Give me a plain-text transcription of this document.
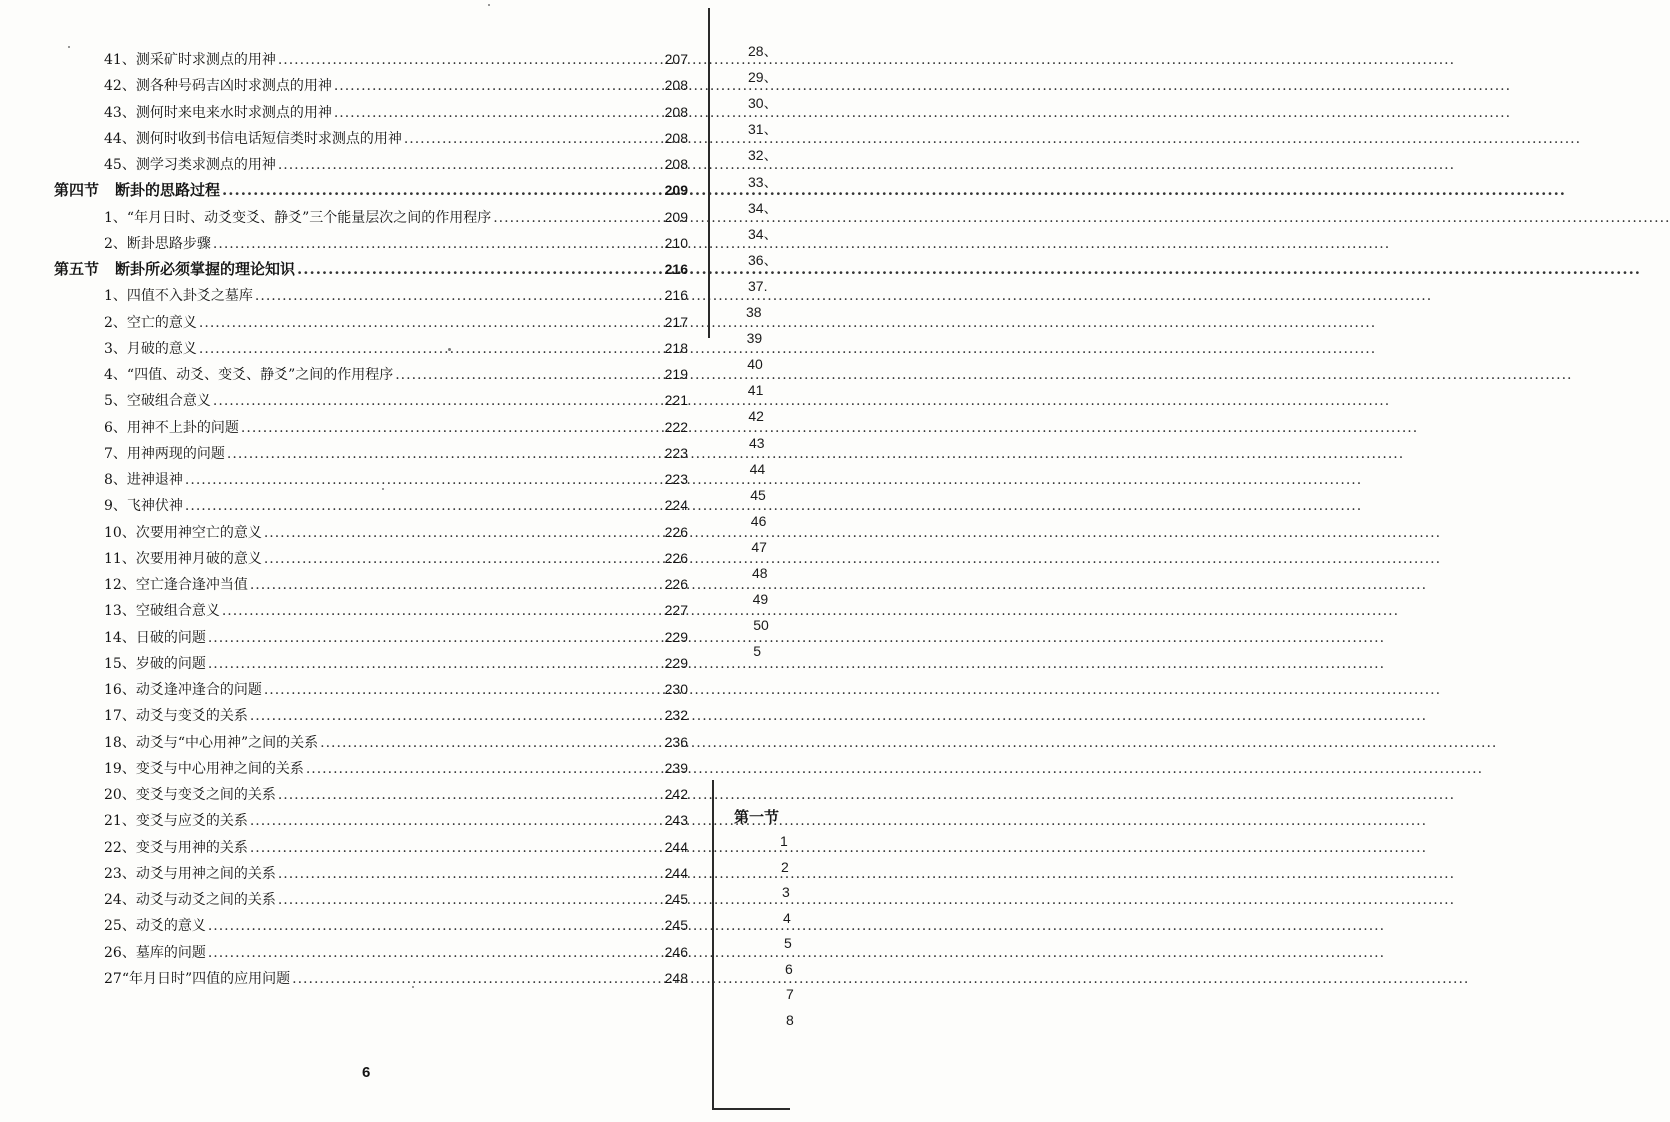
41、测采矿时求测点的用神 .....	207
42、测各种号码吉凶时求测点的用神 .....	208
43、测何时来电来水时求测点的用神 .....	208
44、测何时收到书信电话短信类时求测点的用神 .....	208
45、测学习类求测点的用神 .....	208
第四节 断卦的思路过程 .....	209
1、“年月日时、动爻变爻、静爻”三个能量层次之间的作用程序 .....	209
2、断卦思路步骤 .....	210
第五节 断卦所必须掌握的理论知识 .....	216
1、四值不入卦爻之墓库 .....	216
2、空亡的意义 .....	217
3、月破的意义 .....	218
4、“四值、动爻、变爻、静爻”之间的作用程序 .....	219
5、空破组合意义 .....	221
6、用神不上卦的问题 .....	222
7、用神两现的问题 .....	223
8、进神退神 .....	223
9、飞神伏神 .....	224
10、次要用神空亡的意义 .....	226
11、次要用神月破的意义 .....	226
12、空亡逢合逢冲当值 .....	226
13、空破组合意义 .....	227
14、日破的问题 .....	229
15、岁破的问题 .....	229
16、动爻逢冲逢合的问题 .....	230
17、动爻与变爻的关系 .....	232
18、动爻与“中心用神”之间的关系 .....	236
19、变爻与中心用神之间的关系 .....	239
20、变爻与变爻之间的关系 .....	242
21、变爻与应爻的关系 .....	243
22、变爻与用神的关系 .....	244
23、动爻与用神之间的关系 .....	244
24、动爻与动爻之间的关系 .....	245
25、动爻的意义 .....	245
26、墓库的问题 .....	246
27“年月日时”四值的应用问题 .....	248
6
28、
29、
30、
31、
32、
33、
34、
34、
36、
37.
38
39
40
41
42
43
44
45
46
47
48
49
50
5
第一节
1
2
3
4
5
6
7
8
